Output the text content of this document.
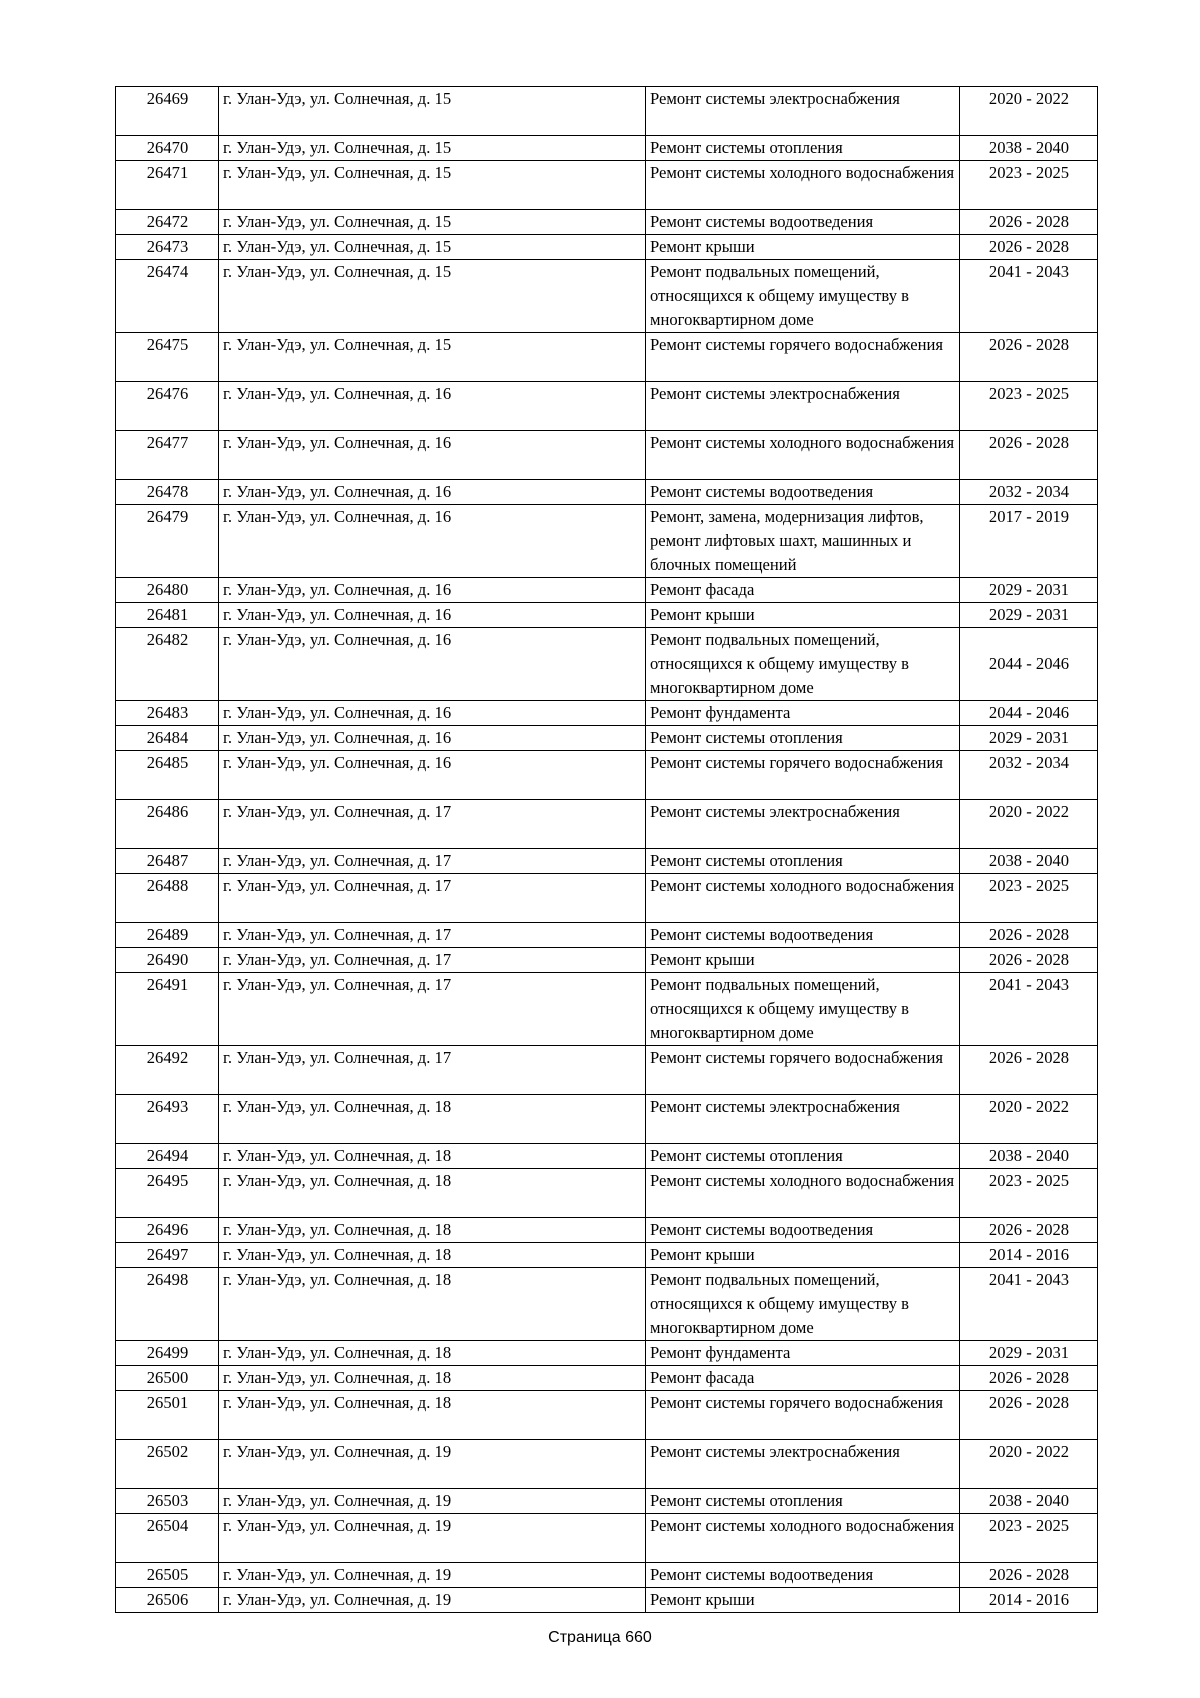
26469	г. Улан-Удэ, ул. Солнечная, д. 15	Ремонт системы электроснабжения	2020 - 2022
26470	г. Улан-Удэ, ул. Солнечная, д. 15	Ремонт системы отопления	2038 - 2040
26471	г. Улан-Удэ, ул. Солнечная, д. 15	Ремонт системы холодного водоснабжения	2023 - 2025
26472	г. Улан-Удэ, ул. Солнечная, д. 15	Ремонт системы водоотведения	2026 - 2028
26473	г. Улан-Удэ, ул. Солнечная, д. 15	Ремонт крыши	2026 - 2028
26474	г. Улан-Удэ, ул. Солнечная, д. 15	Ремонт подвальных помещений, относящихся к общему имуществу в многоквартирном доме	2041 - 2043
26475	г. Улан-Удэ, ул. Солнечная, д. 15	Ремонт системы горячего водоснабжения	2026 - 2028
26476	г. Улан-Удэ, ул. Солнечная, д. 16	Ремонт системы электроснабжения	2023 - 2025
26477	г. Улан-Удэ, ул. Солнечная, д. 16	Ремонт системы холодного водоснабжения	2026 - 2028
26478	г. Улан-Удэ, ул. Солнечная, д. 16	Ремонт системы водоотведения	2032 - 2034
26479	г. Улан-Удэ, ул. Солнечная, д. 16	Ремонт, замена, модернизация лифтов, ремонт лифтовых шахт, машинных и блочных помещений	2017 - 2019
26480	г. Улан-Удэ, ул. Солнечная, д. 16	Ремонт фасада	2029 - 2031
26481	г. Улан-Удэ, ул. Солнечная, д. 16	Ремонт крыши	2029 - 2031
26482	г. Улан-Удэ, ул. Солнечная, д. 16	Ремонт подвальных помещений, относящихся к общему имуществу в многоквартирном доме	2044 - 2046
26483	г. Улан-Удэ, ул. Солнечная, д. 16	Ремонт фундамента	2044 - 2046
26484	г. Улан-Удэ, ул. Солнечная, д. 16	Ремонт системы отопления	2029 - 2031
26485	г. Улан-Удэ, ул. Солнечная, д. 16	Ремонт системы горячего водоснабжения	2032 - 2034
26486	г. Улан-Удэ, ул. Солнечная, д. 17	Ремонт системы электроснабжения	2020 - 2022
26487	г. Улан-Удэ, ул. Солнечная, д. 17	Ремонт системы отопления	2038 - 2040
26488	г. Улан-Удэ, ул. Солнечная, д. 17	Ремонт системы холодного водоснабжения	2023 - 2025
26489	г. Улан-Удэ, ул. Солнечная, д. 17	Ремонт системы водоотведения	2026 - 2028
26490	г. Улан-Удэ, ул. Солнечная, д. 17	Ремонт крыши	2026 - 2028
26491	г. Улан-Удэ, ул. Солнечная, д. 17	Ремонт подвальных помещений, относящихся к общему имуществу в многоквартирном доме	2041 - 2043
26492	г. Улан-Удэ, ул. Солнечная, д. 17	Ремонт системы горячего водоснабжения	2026 - 2028
26493	г. Улан-Удэ, ул. Солнечная, д. 18	Ремонт системы электроснабжения	2020 - 2022
26494	г. Улан-Удэ, ул. Солнечная, д. 18	Ремонт системы отопления	2038 - 2040
26495	г. Улан-Удэ, ул. Солнечная, д. 18	Ремонт системы холодного водоснабжения	2023 - 2025
26496	г. Улан-Удэ, ул. Солнечная, д. 18	Ремонт системы водоотведения	2026 - 2028
26497	г. Улан-Удэ, ул. Солнечная, д. 18	Ремонт крыши	2014 - 2016
26498	г. Улан-Удэ, ул. Солнечная, д. 18	Ремонт подвальных помещений, относящихся к общему имуществу в многоквартирном доме	2041 - 2043
26499	г. Улан-Удэ, ул. Солнечная, д. 18	Ремонт фундамента	2029 - 2031
26500	г. Улан-Удэ, ул. Солнечная, д. 18	Ремонт фасада	2026 - 2028
26501	г. Улан-Удэ, ул. Солнечная, д. 18	Ремонт системы горячего водоснабжения	2026 - 2028
26502	г. Улан-Удэ, ул. Солнечная, д. 19	Ремонт системы электроснабжения	2020 - 2022
26503	г. Улан-Удэ, ул. Солнечная, д. 19	Ремонт системы отопления	2038 - 2040
26504	г. Улан-Удэ, ул. Солнечная, д. 19	Ремонт системы холодного водоснабжения	2023 - 2025
26505	г. Улан-Удэ, ул. Солнечная, д. 19	Ремонт системы водоотведения	2026 - 2028
26506	г. Улан-Удэ, ул. Солнечная, д. 19	Ремонт крыши	2014 - 2016
Страница 660
